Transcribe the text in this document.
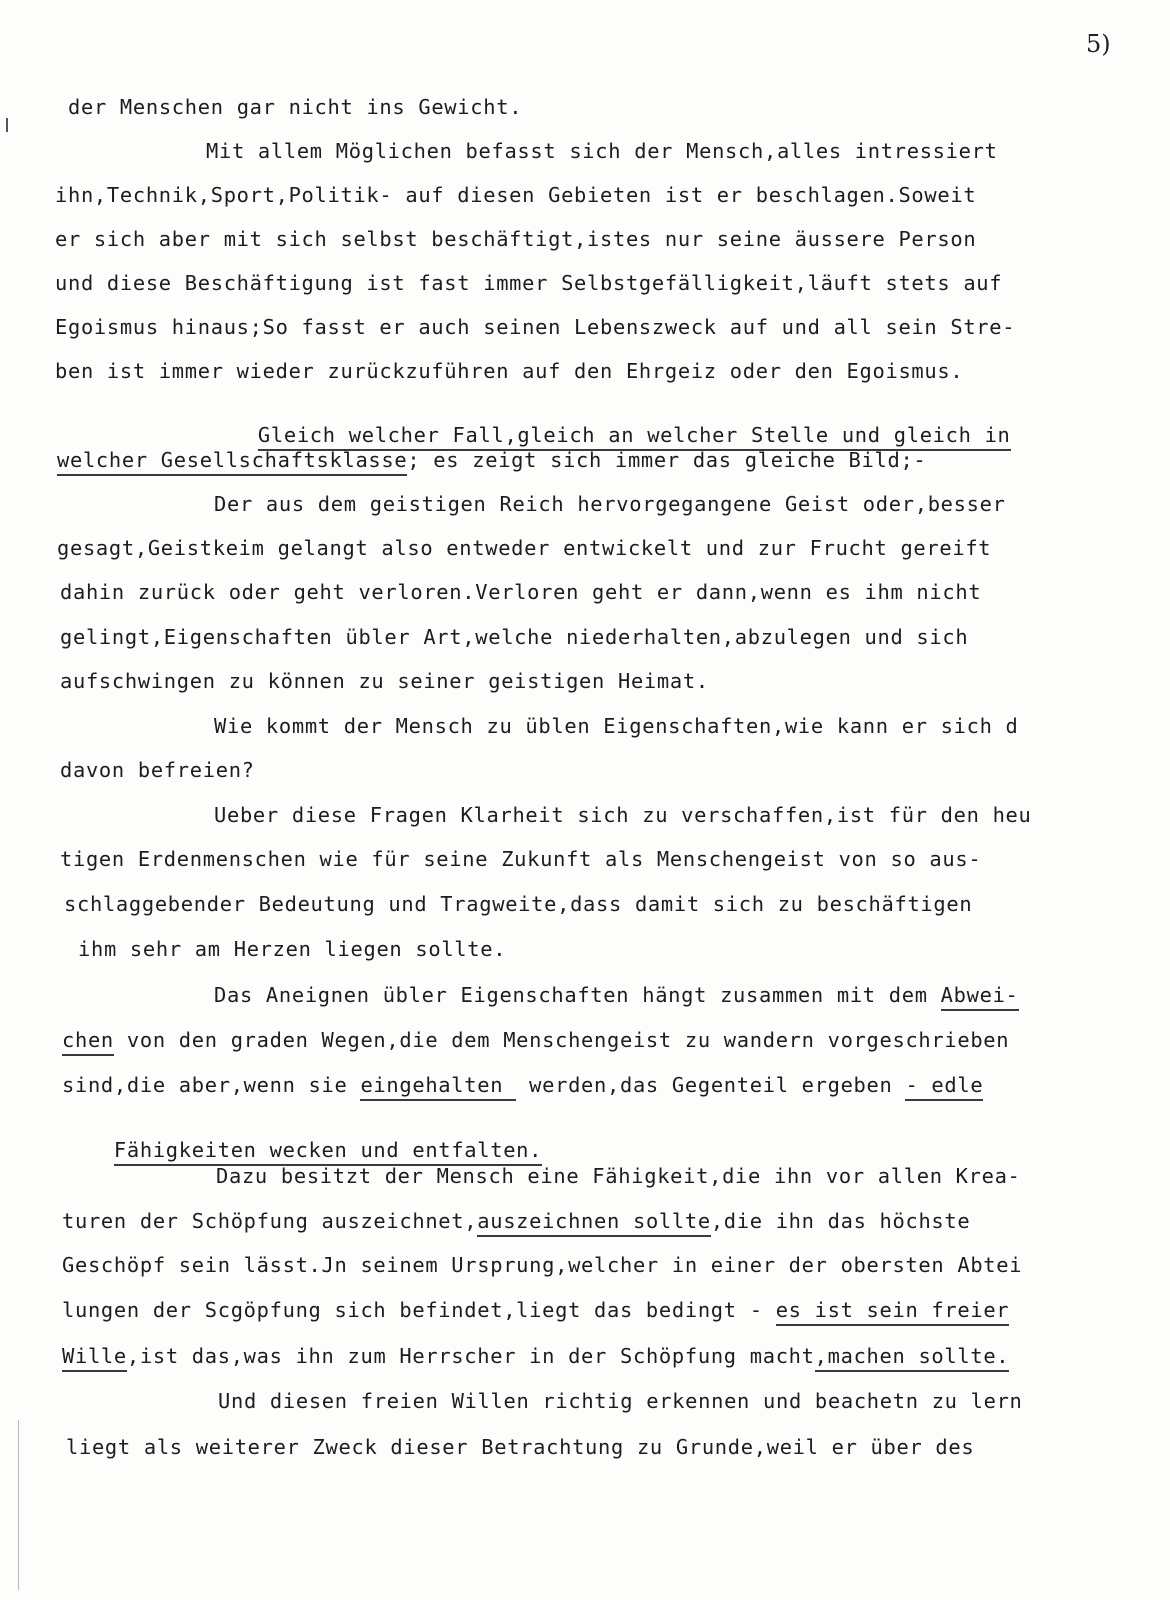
5)
der Menschen gar nicht ins Gewicht.
Mit allem Möglichen befasst sich der Mensch,alles intressiert
ihn,Technik,Sport,Politik- auf diesen Gebieten ist er beschlagen.Soweit
er sich aber mit sich selbst beschäftigt,istes nur seine äussere Person
und diese Beschäftigung ist fast immer Selbstgefälligkeit,läuft stets auf
Egoismus hinaus;So fasst er auch seinen Lebenszweck auf und all sein Stre-
ben ist immer wieder zurückzuführen auf den Ehrgeiz oder den Egoismus.

Gleich welcher Fall,gleich an welcher Stelle und gleich in

welcher Gesellschaftsklasse; es zeigt sich immer das gleiche Bild;-
Der aus dem geistigen Reich hervorgegangene Geist oder,besser
gesagt,Geistkeim gelangt also entweder entwickelt und zur Frucht gereift
dahin zurück oder geht verloren.Verloren geht er dann,wenn es ihm nicht
gelingt,Eigenschaften übler Art,welche niederhalten,abzulegen und sich
aufschwingen zu können zu seiner geistigen Heimat.
Wie kommt der Mensch zu üblen Eigenschaften,wie kann er sich d
davon befreien?
Ueber diese Fragen Klarheit sich zu verschaffen,ist für den heu
tigen Erdenmenschen wie für seine Zukunft als Menschengeist von so aus-
schlaggebender Bedeutung und Tragweite,dass damit sich zu beschäftigen
ihm sehr am Herzen liegen sollte.
Das Aneignen übler Eigenschaften hängt zusammen mit dem Abwei-
chen von den graden Wegen,die dem Menschengeist zu wandern vorgeschrieben
sind,die aber,wenn sie eingehalten  werden,das Gegenteil ergeben - edle

Fähigkeiten wecken und entfalten.

Dazu besitzt der Mensch eine Fähigkeit,die ihn vor allen Krea-
turen der Schöpfung auszeichnet,auszeichnen sollte,die ihn das höchste
Geschöpf sein lässt.Jn seinem Ursprung,welcher in einer der obersten Abtei
lungen der Scgöpfung sich befindet,liegt das bedingt - es ist sein freier
Wille,ist das,was ihn zum Herrscher in der Schöpfung macht,machen sollte.
Und diesen freien Willen richtig erkennen und beachetn zu lern
liegt als weiterer Zweck dieser Betrachtung zu Grunde,weil er über des
